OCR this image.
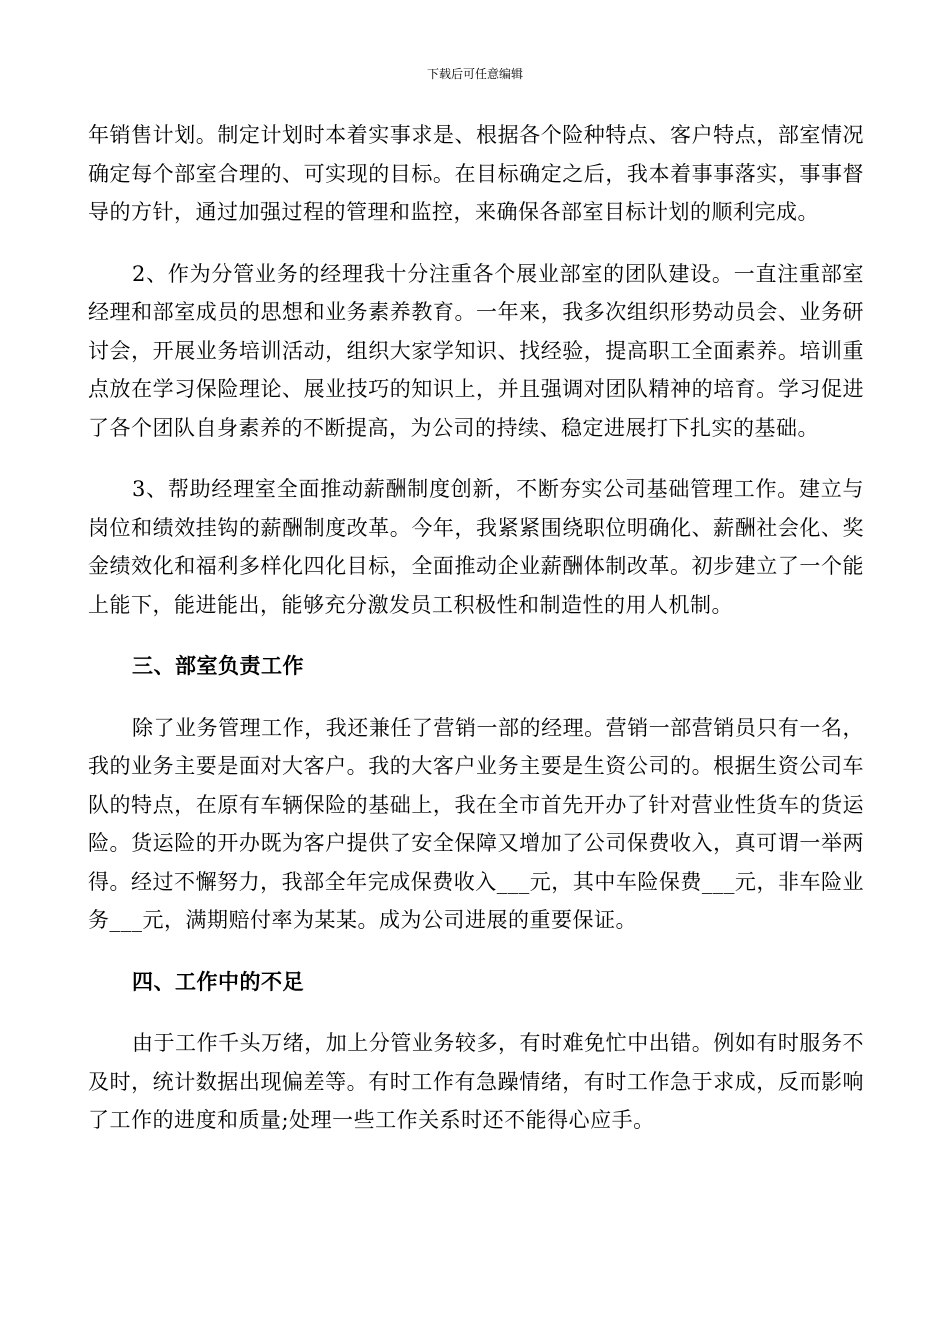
下载后可任意编辑

年销售计划。制定计划时本着实事求是、根据各个险种特点、客户特点，部室情况确定每个部室合理的、可实现的目标。在目标确定之后，我本着事事落实，事事督导的方针，通过加强过程的管理和监控，来确保各部室目标计划的顺利完成。

2、作为分管业务的经理我十分注重各个展业部室的团队建设。一直注重部室经理和部室成员的思想和业务素养教育。一年来，我多次组织形势动员会、业务研讨会，开展业务培训活动，组织大家学知识、找经验，提高职工全面素养。培训重点放在学习保险理论、展业技巧的知识上，并且强调对团队精神的培育。学习促进了各个团队自身素养的不断提高，为公司的持续、稳定进展打下扎实的基础。

3、帮助经理室全面推动薪酬制度创新，不断夯实公司基础管理工作。建立与岗位和绩效挂钩的薪酬制度改革。今年，我紧紧围绕职位明确化、薪酬社会化、奖金绩效化和福利多样化四化目标，全面推动企业薪酬体制改革。初步建立了一个能上能下，能进能出，能够充分激发员工积极性和制造性的用人机制。

三、部室负责工作

除了业务管理工作，我还兼任了营销一部的经理。营销一部营销员只有一名，我的业务主要是面对大客户。我的大客户业务主要是生资公司的。根据生资公司车队的特点，在原有车辆保险的基础上，我在全市首先开办了针对营业性货车的货运险。货运险的开办既为客户提供了安全保障又增加了公司保费收入，真可谓一举两得。经过不懈努力，我部全年完成保费收入___元，其中车险保费___元，非车险业务___元，满期赔付率为某某。成为公司进展的重要保证。

四、工作中的不足

由于工作千头万绪，加上分管业务较多，有时难免忙中出错。例如有时服务不及时，统计数据出现偏差等。有时工作有急躁情绪，有时工作急于求成，反而影响了工作的进度和质量;处理一些工作关系时还不能得心应手。
